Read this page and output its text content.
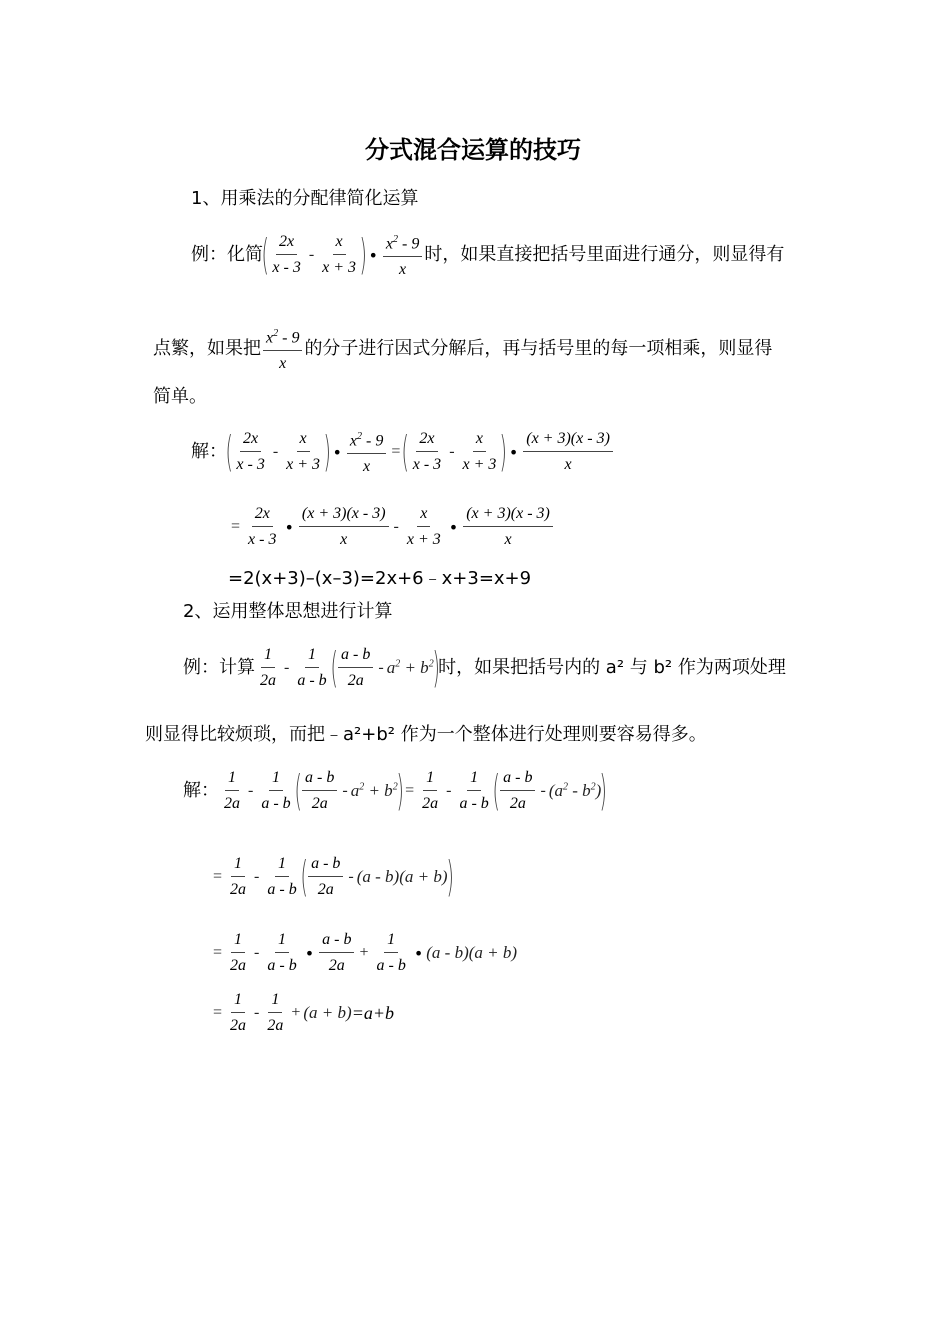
分式混合运算的技巧
1、用乘法的分配律简化运算
例：化简
( $\frac{2x}{x - 3} - \frac{x}{x + 3}$ ) • $\frac{x^2 - 9}{x}$ 时，如果直接把括号里面进行通分，则显得有
点繁，如果把 $\frac{x^2 - 9}{x}$ 的分子进行因式分解后，再与括号里的每一项相乘，则显得
简单。
解：
( $\frac{2x}{x - 3} - \frac{x}{x + 3}$ ) • $\frac{x^2 - 9}{x}$ = ( $\frac{2x}{x - 3} - \frac{x}{x + 3}$ ) • $\frac{(x + 3)(x - 3)}{x}$
= $\frac{2x}{x - 3}$ • $\frac{(x + 3)(x - 3)}{x} - \frac{x}{x + 3}$ • $\frac{(x + 3)(x - 3)}{x}$
=2(x+3)–(x–3)=2x+6﹣x+3=x+9
2、运用整体思想进行计算
例：计算 $\frac{1}{2a} - \frac{1}{a - b}$ ( $\frac{a - b}{2a} - a^2 + b^2$
)
时，如果把括号内的 a² 与 b² 作为两项处理
则显得比较烦琐，而把﹣a²+b² 作为一个整体进行处理则要容易得多。
解： $\frac{1}{2a} - \frac{1}{a - b}$ ( $\frac{a - b}{2a} - a^2 + b^2$
) = $\frac{1}{2a} - \frac{1}{a - b}$ ( $\frac{a - b}{2a} - (a^2 - b^2)$
)
= $\frac{1}{2a} - \frac{1}{a - b}$ ( $\frac{a - b}{2a} - (a - b)(a + b)$
)
= $\frac{1}{2a} - \frac{1}{a - b}$ • $\frac{a - b}{2a} + \frac{1}{a - b}$ • (a - b)(a + b)
= $\frac{1}{2a} - \frac{1}{2a} + (a + b) =a+b$
